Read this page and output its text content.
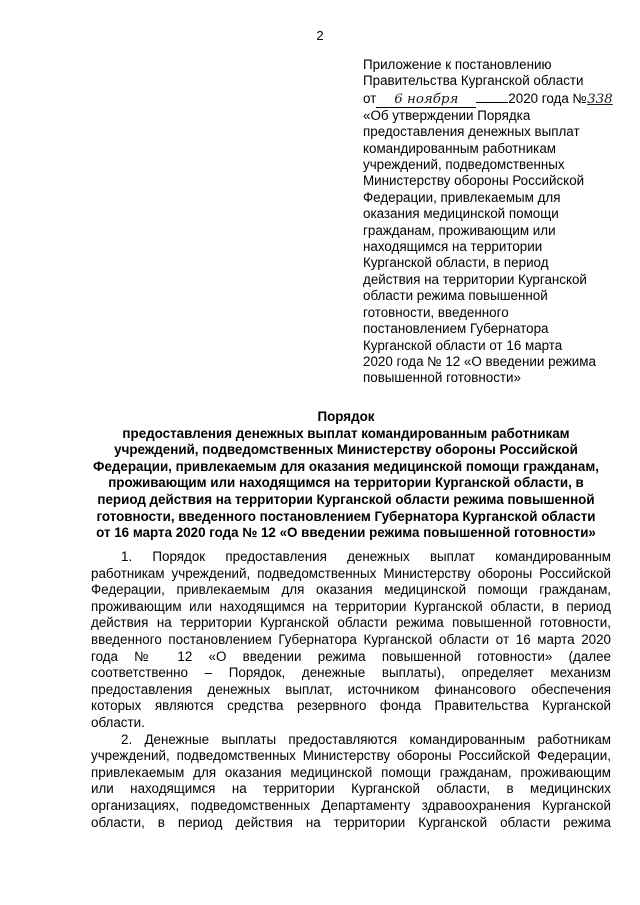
2
Приложение к постановлению
Правительства Курганской области
от 6 ноября	2020 года №338
«Об утверждении Порядка
предоставления денежных выплат
командированным работникам
учреждений, подведомственных
Министерству обороны Российской
Федерации, привлекаемым для
оказания медицинской помощи
гражданам, проживающим или
находящимся на территории
Курганской области, в период
действия на территории Курганской
области режима повышенной
готовности, введенного
постановлением Губернатора
Курганской области от 16 марта
2020 года № 12 «О введении режима
повышенной готовности»
Порядок
предоставления денежных выплат командированным работникам
учреждений, подведомственных Министерству обороны Российской
Федерации, привлекаемым для оказания медицинской помощи гражданам,
проживающим или находящимся на территории Курганской области, в
период действия на территории Курганской области режима повышенной
готовности, введенного постановлением Губернатора Курганской области
от 16 марта 2020 года № 12 «О введении режима повышенной готовности»
1. Порядок предоставления денежных выплат командированным
работникам учреждений, подведомственных Министерству обороны Российской
Федерации, привлекаемым для оказания медицинской помощи гражданам,
проживающим или находящимся на территории Курганской области, в период
действия на территории Курганской области режима повышенной готовности,
введенного постановлением Губернатора Курганской области от 16 марта 2020
года № 12 «О введении режима повышенной готовности» (далее
соответственно – Порядок, денежные выплаты), определяет механизм
предоставления денежных выплат, источником финансового обеспечения
которых являются средства резервного фонда Правительства Курганской
области.
2. Денежные выплаты предоставляются командированным работникам
учреждений, подведомственных Министерству обороны Российской Федерации,
привлекаемым для оказания медицинской помощи гражданам, проживающим
или находящимся на территории Курганской области, в медицинских
организациях, подведомственных Департаменту здравоохранения Курганской
области, в период действия на территории Курганской области режима
